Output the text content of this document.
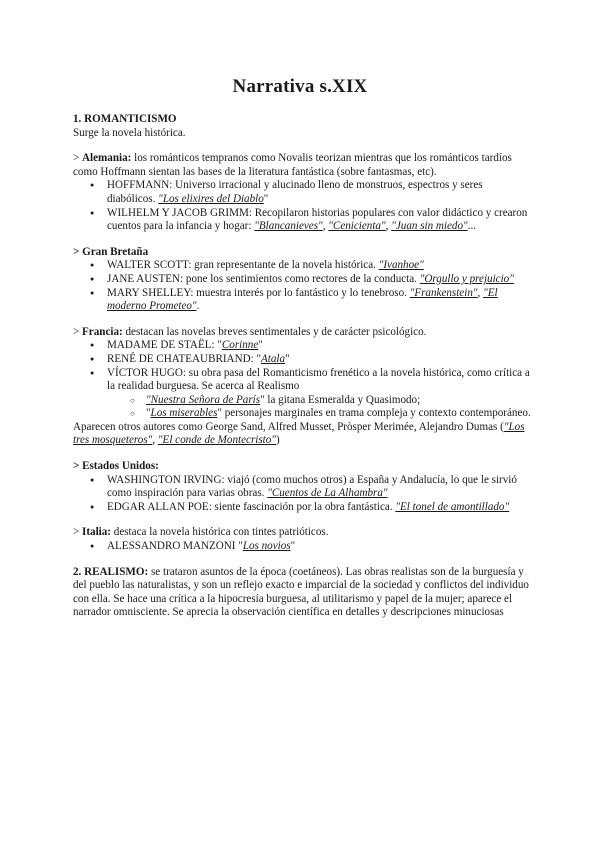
Narrativa s.XIX

1. ROMANTICISMO

Surge la novela histórica.

> Alemania: los románticos tempranos como Novalis teorizan mientras que los románticos tardíos como Hoffmann sientan las bases de la literatura fantástica (sobre fantasmas, etc).

● HOFFMANN: Universo irracional y alucinado lleno de monstruos, espectros y seres diabólicos. "Los elixires del Diablo"
● WILHELM Y JACOB GRIMM: Recopilaron historias populares con valor didáctico y crearon cuentos para la infancia y hogar: "Blancanieves", "Cenicienta", "Juan sin miedo"...

> Gran Bretaña

● WALTER SCOTT: gran representante de la novela histórica. "Ivanhoe"
● JANE AUSTEN: pone los sentimientos como rectores de la conducta. "Orgullo y prejuicio"
● MARY SHELLEY: muestra interés por lo fantástico y lo tenebroso. "Frankenstein", "El moderno Prometeo".

> Francia: destacan las novelas breves sentimentales y de carácter psicológico.

● MADAME DE STAËL: "Corinne"
● RENÉ DE CHATEAUBRIAND: "Atala"
● VÍCTOR HUGO: su obra pasa del Romanticismo frenético a la novela histórica, como crítica a la realidad burguesa. Se acerca al Realismo
○ "Nuestra Señora de París" la gitana Esmeralda y Quasimodo;
○ "Los miserables" personajes marginales en trama compleja y contexto contemporáneo.

Aparecen otros autores como George Sand, Alfred Musset, Pròsper Merimée, Alejandro Dumas ("Los tres mosqueteros", "El conde de Montecristo")

> Estados Unidos:

● WASHINGTON IRVING: viajó (como muchos otros) a España y Andalucía, lo que le sirvió como inspiración para varias obras. "Cuentos de La Alhambra"
● EDGAR ALLAN POE: siente fascinación por la obra fantástica. "El tonel de amontillado"

> Italia: destaca la novela histórica con tintes patrióticos.

● ALESSANDRO MANZONI "Los novios"

2. REALISMO: se trataron asuntos de la época (coetáneos). Las obras realistas son de la burguesía y del pueblo las naturalistas, y son un reflejo exacto e imparcial de la sociedad y conflictos del individuo con ella. Se hace una crítica a la hipocresía burguesa, al utilitarismo y papel de la mujer; aparece el narrador omnisciente. Se aprecia la observación científica en detalles y descripciones minuciosas
